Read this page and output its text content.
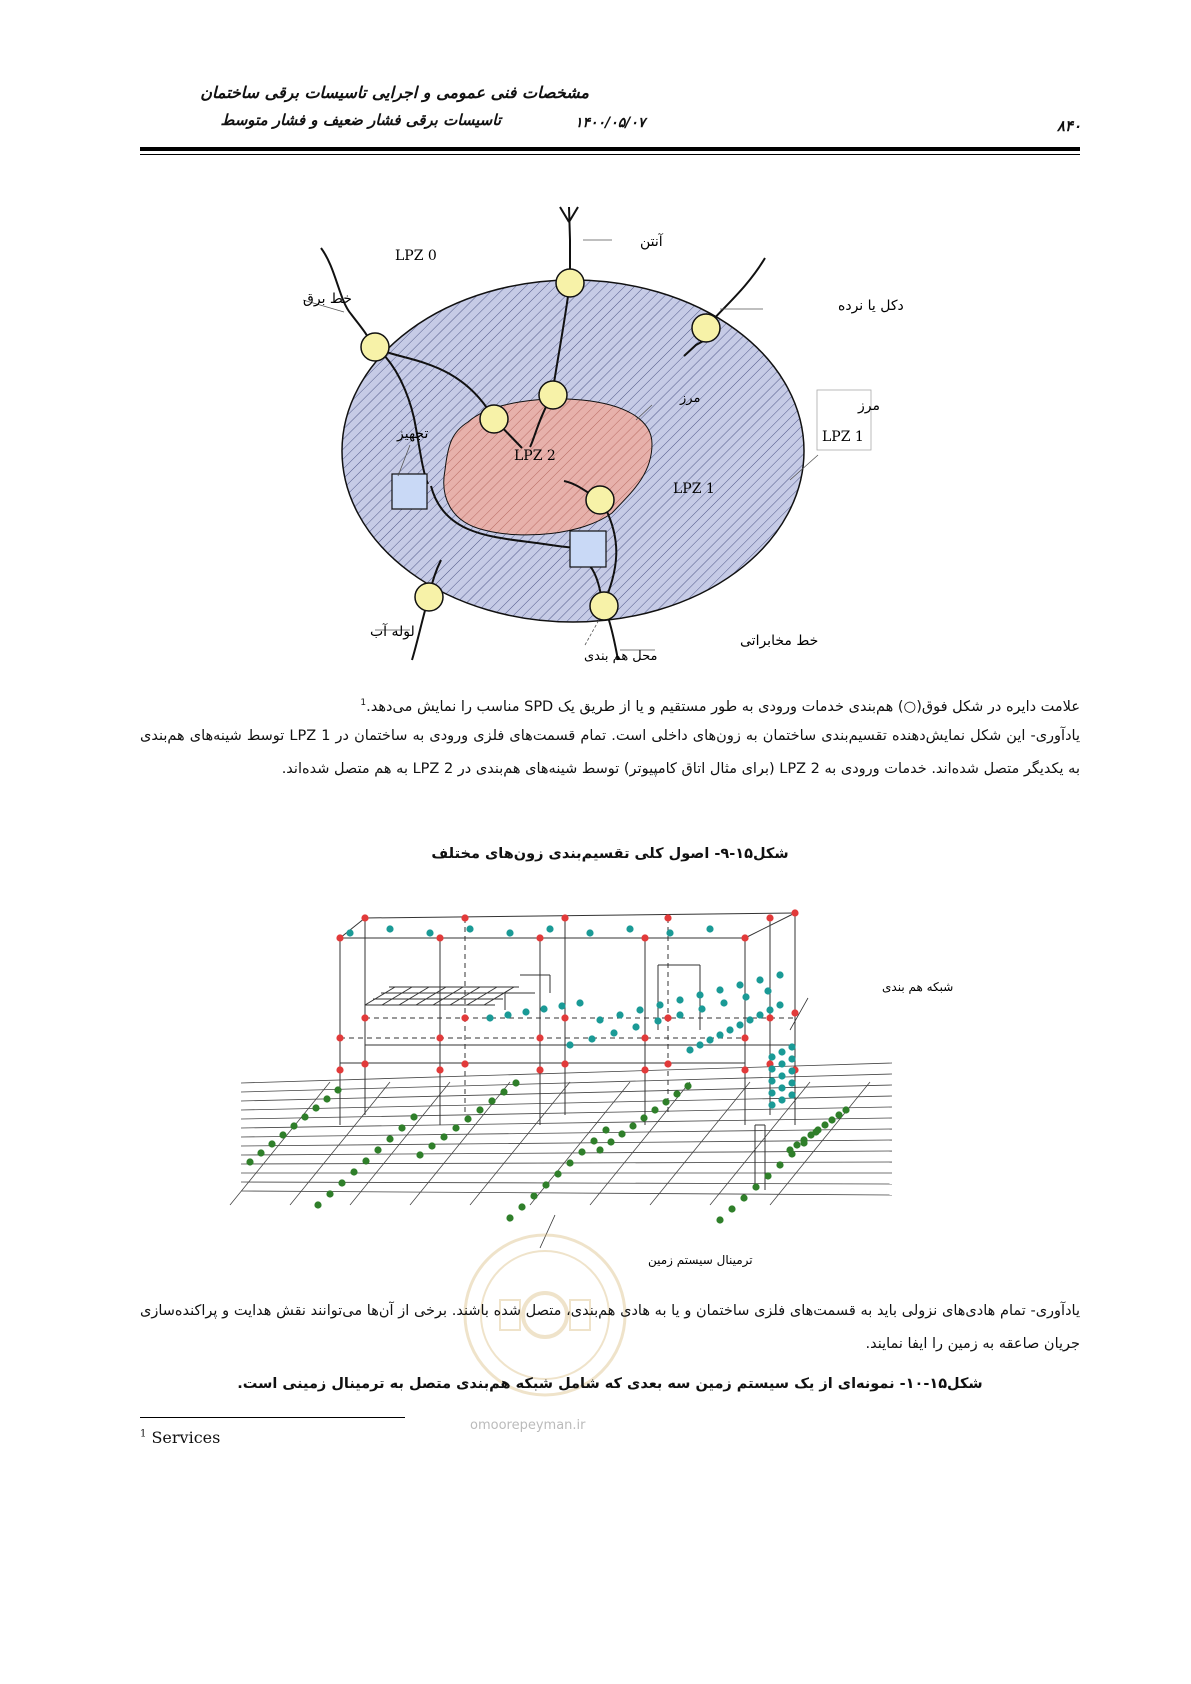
مشخصات فنی عمومی و اجرایی تاسیسات برقی ساختمان
تاسیسات برقی فشار ضعیف و فشار متوسط	۱۴۰۰/۰۵/۰۷	۸۴۰
LPZ 0
LPZ 1
LPZ 2
آنتن
خط برق	دکل یا نرده
مرز	مرز
LPZ 1
تجهیز
لوله آب
خط مخابراتی
محل هم بندی
علامت دایره در شکل فوق(○) هم‌بندی خدمات ورودی به طور مستقیم و یا از طریق یک SPD مناسب را نمایش می‌دهد.$^1$
یادآوری- این شکل نمایش‌دهنده تقسیم‌بندی ساختمان به زون‌های داخلی است. تمام قسمت‌های فلزی ورودی به ساختمان در LPZ 1 توسط شینه‌های هم‌بندی به یکدیگر متصل شده‌اند. خدمات ورودی به LPZ 2 (برای مثال اتاق کامپیوتر) توسط شینه‌های هم‌بندی در LPZ 2 به هم متصل شده‌اند.
شکل۱۵-۹- اصول کلی تقسیم‌بندی زون‌های مختلف
شبکه هم بندی
ترمینال سیستم زمین
omoorepeyman.ir
یادآوری- تمام هادی‌های نزولی باید به قسمت‌های فلزی ساختمان و یا به هادی هم‌بندی، متصل شده باشند. برخی از آن‌ها می‌توانند نقش هدایت و پراکنده‌سازی جریان صاعقه به زمین را ایفا نمایند.
شکل۱۵-۱۰- نمونه‌ای از یک سیستم زمین سه بعدی که شامل شبکه هم‌بندی متصل به ترمینال زمینی است.
$^1$ Services
